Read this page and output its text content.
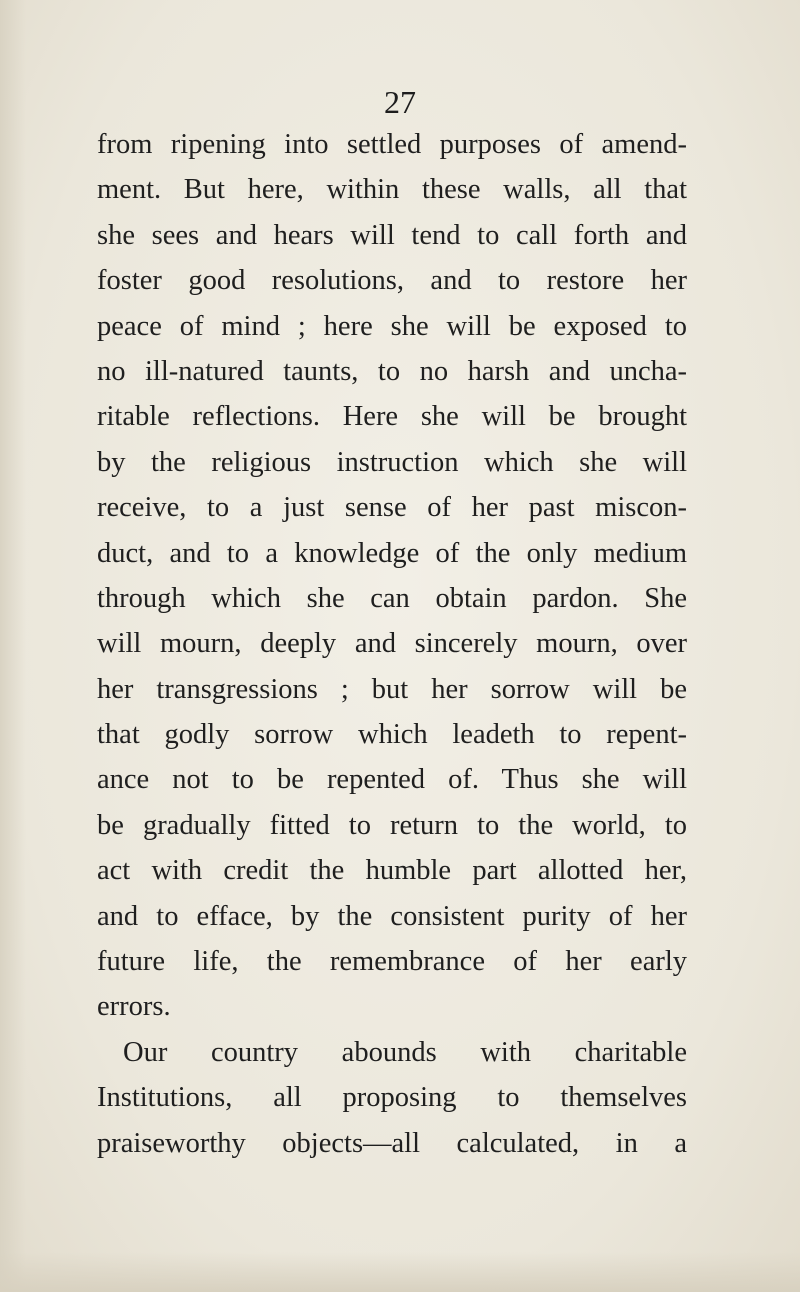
27
from ripening into settled purposes of amend-
ment. But here, within these walls, all that
she sees and hears will tend to call forth and
foster good resolutions, and to restore her
peace of mind ; here she will be exposed to
no ill-natured taunts, to no harsh and uncha-
ritable reflections. Here she will be brought
by the religious instruction which she will
receive, to a just sense of her past miscon-
duct, and to a knowledge of the only medium
through which she can obtain pardon. She
will mourn, deeply and sincerely mourn, over
her transgressions ; but her sorrow will be
that godly sorrow which leadeth to repent-
ance not to be repented of. Thus she will
be gradually fitted to return to the world, to
act with credit the humble part allotted her,
and to efface, by the consistent purity of her
future life, the remembrance of her early
errors.
Our country abounds with charitable
Institutions, all proposing to themselves
praiseworthy objects—all calculated, in a
